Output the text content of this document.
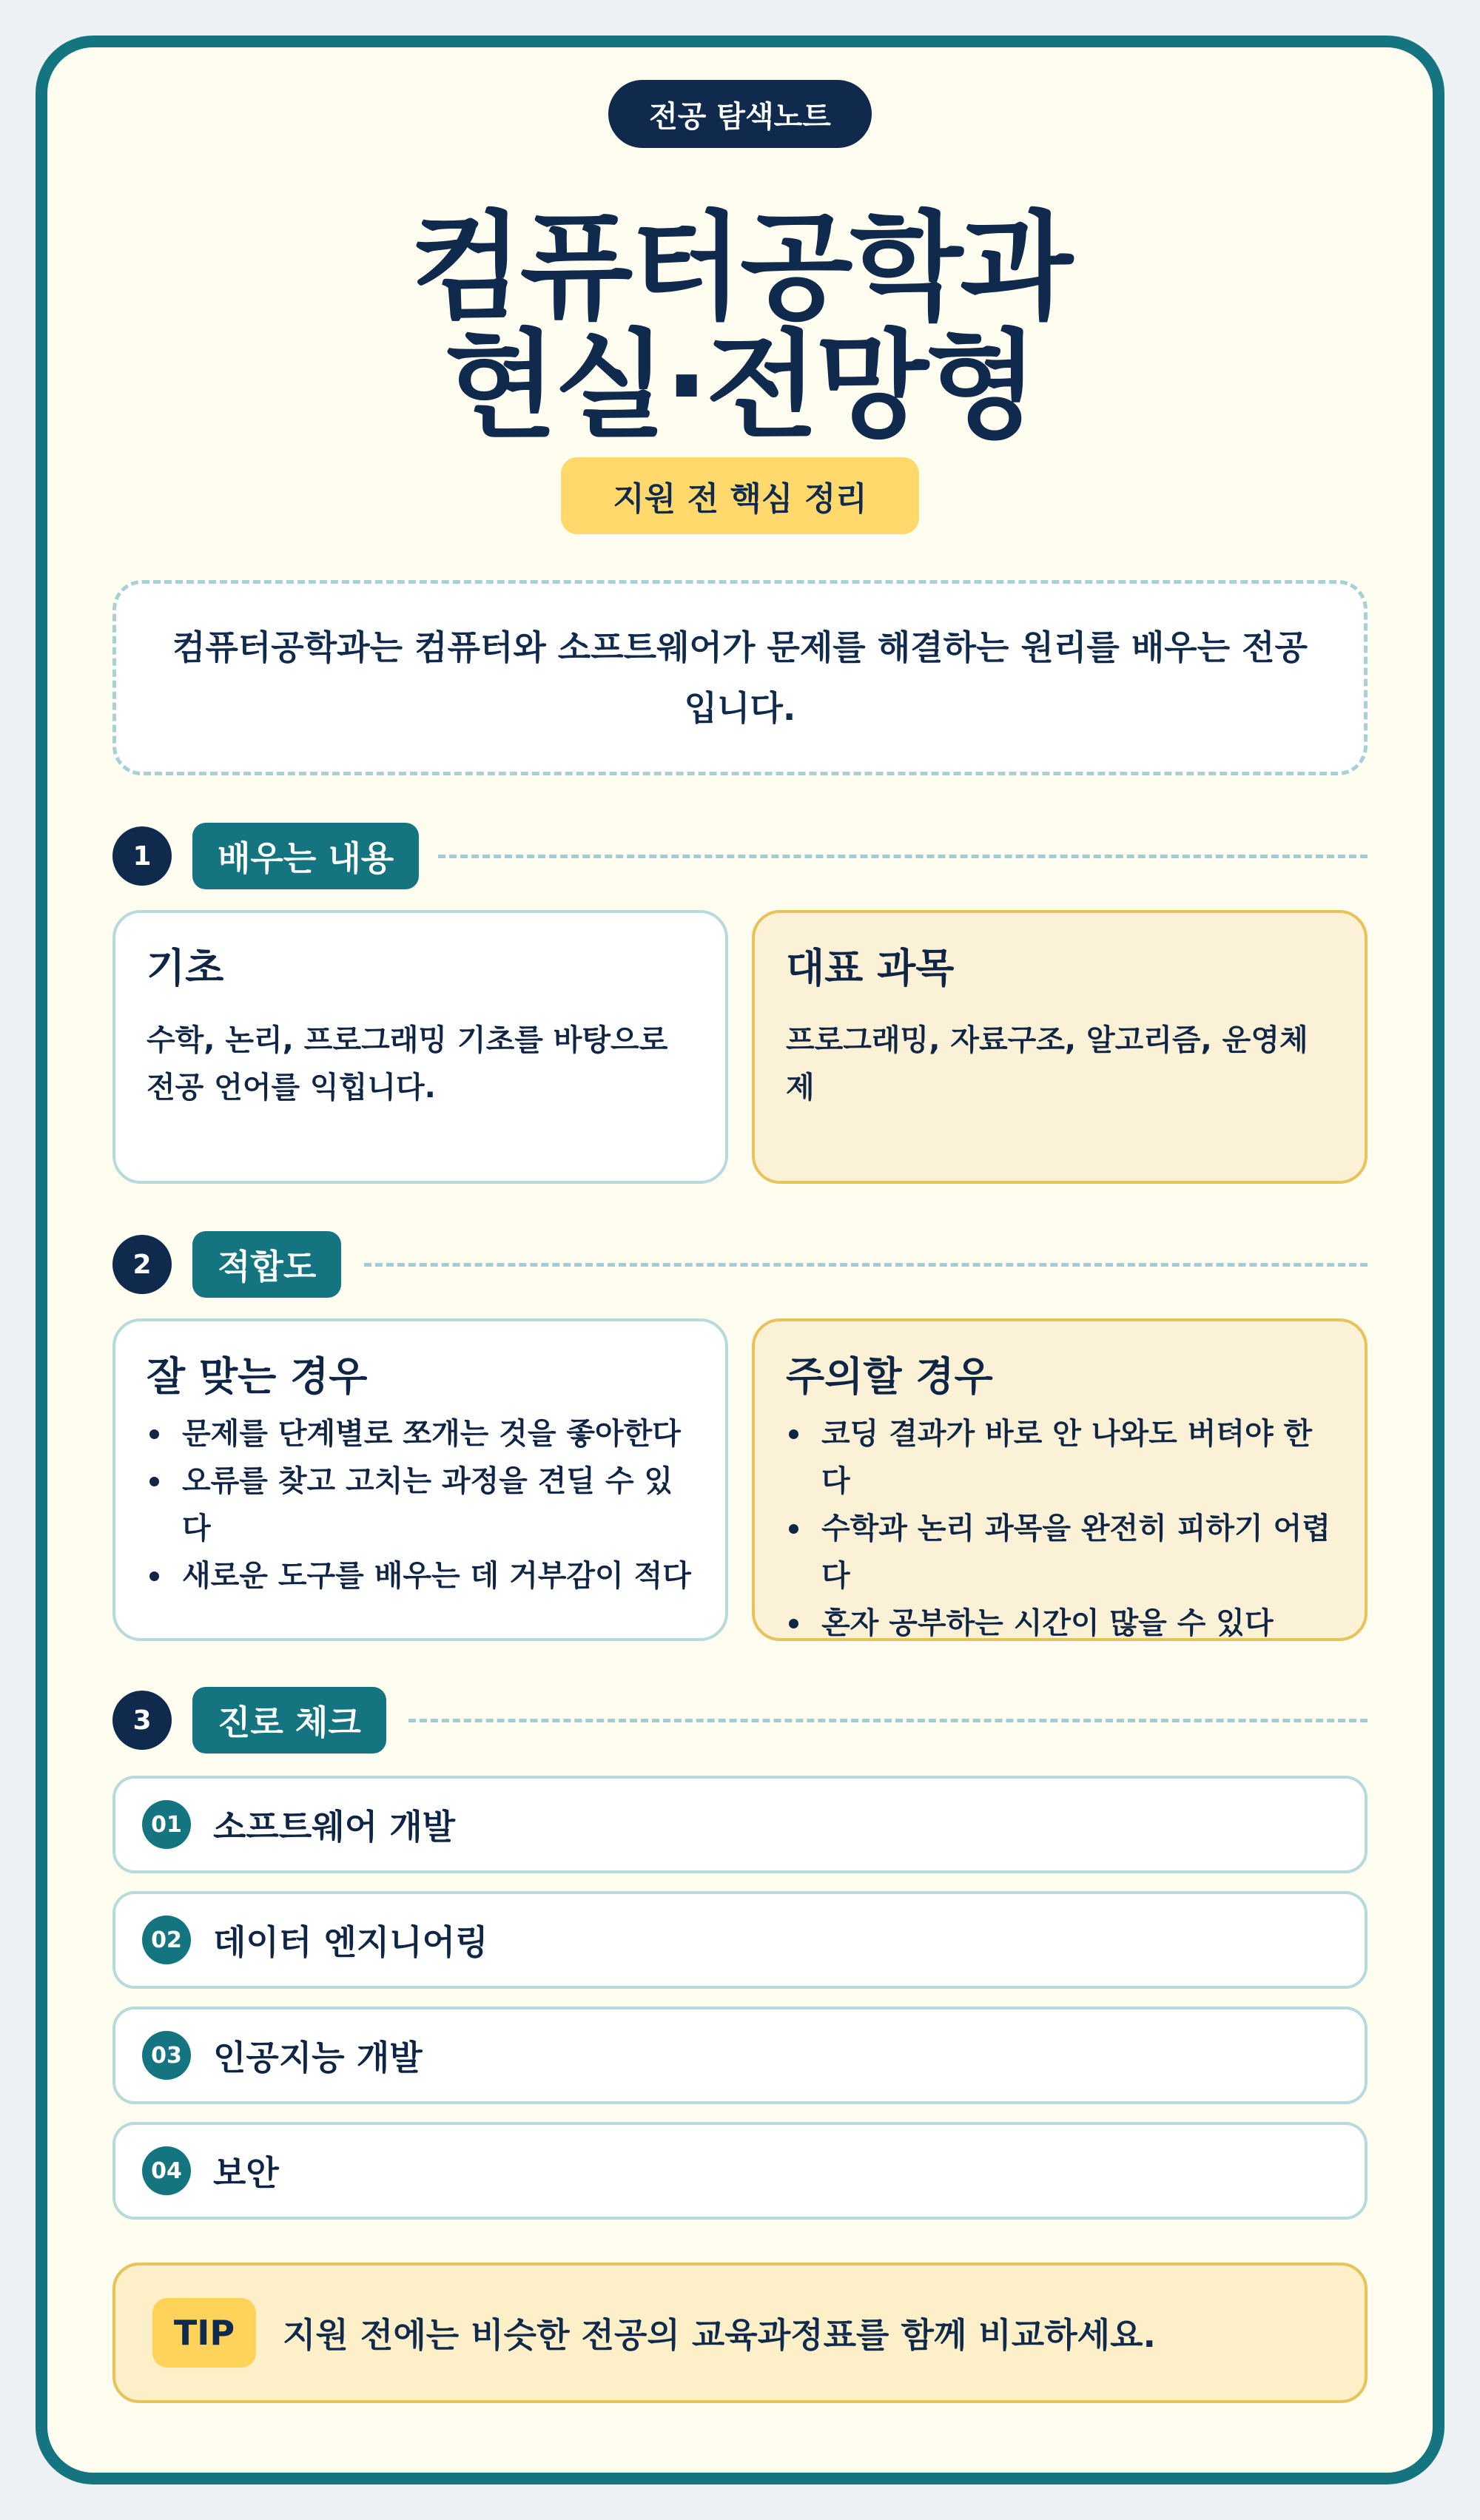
전공 탐색노트
컴퓨터공학과
현실·전망형
지원 전 핵심 정리
컴퓨터공학과는 컴퓨터와 소프트웨어가 문제를 해결하는 원리를 배우는 전공입니다.
1	배우는 내용
기초

수학, 논리, 프로그래밍 기초를 바탕으로 전공 언어를 익힙니다.

대표 과목

프로그래밍, 자료구조, 알고리즘, 운영체제

2	적합도
잘 맞는 경우
문제를 단계별로 쪼개는 것을 좋아한다
오류를 찾고 고치는 과정을 견딜 수 있다
새로운 도구를 배우는 데 거부감이 적다
주의할 경우
코딩 결과가 바로 안 나와도 버텨야 한다
수학과 논리 과목을 완전히 피하기 어렵다
혼자 공부하는 시간이 많을 수 있다
3	진로 체크
01 소프트웨어 개발
02 데이터 엔지니어링
03 인공지능 개발
04 보안
TIP	지원 전에는 비슷한 전공의 교육과정표를 함께 비교하세요.
